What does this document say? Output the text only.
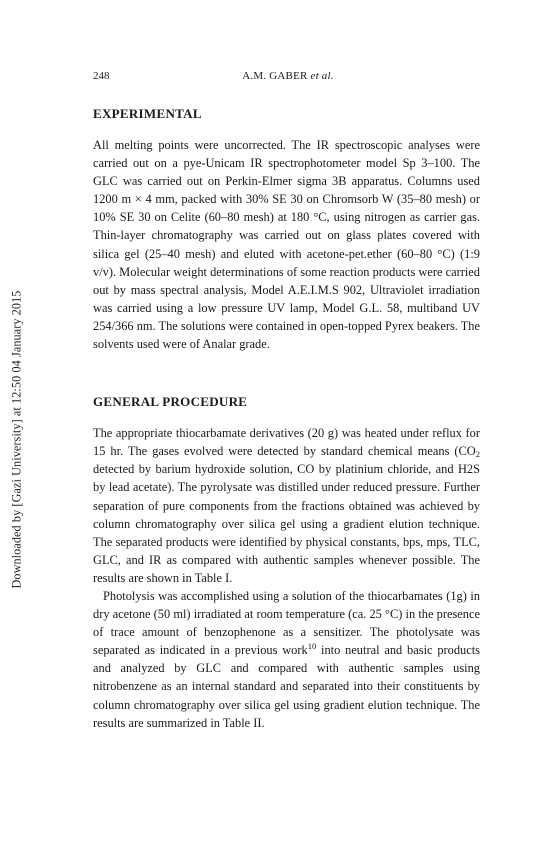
Downloaded by [Gazi University] at 12:50 04 January 2015
248	A.M. GABER et al.
EXPERIMENTAL

All melting points were uncorrected. The IR spectroscopic analyses were carried out on a pye-Unicam IR spectrophotometer model Sp 3–100. The GLC was carried out on Perkin-Elmer sigma 3B apparatus. Columns used 1200 m × 4 mm, packed with 30% SE 30 on Chromsorb W (35–80 mesh) or 10% SE 30 on Celite (60–80 mesh) at 180 °C, using nitrogen as carrier gas. Thin-layer chromatography was carried out on glass plates covered with silica gel (25–40 mesh) and eluted with acetone-pet.ether (60–80 °C) (1:9 v/v). Molecular weight determinations of some reaction products were carried out by mass spectral analysis, Model A.E.I.M.S 902, Ultraviolet irradiation was carried using a low pressure UV lamp, Model G.L. 58, multiband UV 254/366 nm. The solutions were contained in open-topped Pyrex beakers. The solvents used were of Analar grade.

GENERAL PROCEDURE

The appropriate thiocarbamate derivatives (20 g) was heated under reflux for 15 hr. The gases evolved were detected by standard chemical means ($CO_2$ detected by barium hydroxide solution, CO by platinium chloride, and H2S by lead acetate). The pyrolysate was distilled under reduced pressure. Further separation of pure components from the fractions obtained was achieved by column chromatography over silica gel using a gradient elution technique. The separated products were identified by physical constants, bps, mps, TLC, GLC, and IR as compared with authentic samples whenever possible. The results are shown in Table I.

Photolysis was accomplished using a solution of the thiocarbamates (1g) in dry acetone (50 ml) irradiated at room temperature (ca. 25 °C) in the presence of trace amount of benzophenone as a sensitizer. The photolysate was separated as indicated in a previous work$^{10}$ into neutral and basic products and analyzed by GLC and compared with authentic samples using nitrobenzene as an internal standard and separated into their constituents by column chromatography over silica gel using gradient elution technique. The results are summarized in Table II.
